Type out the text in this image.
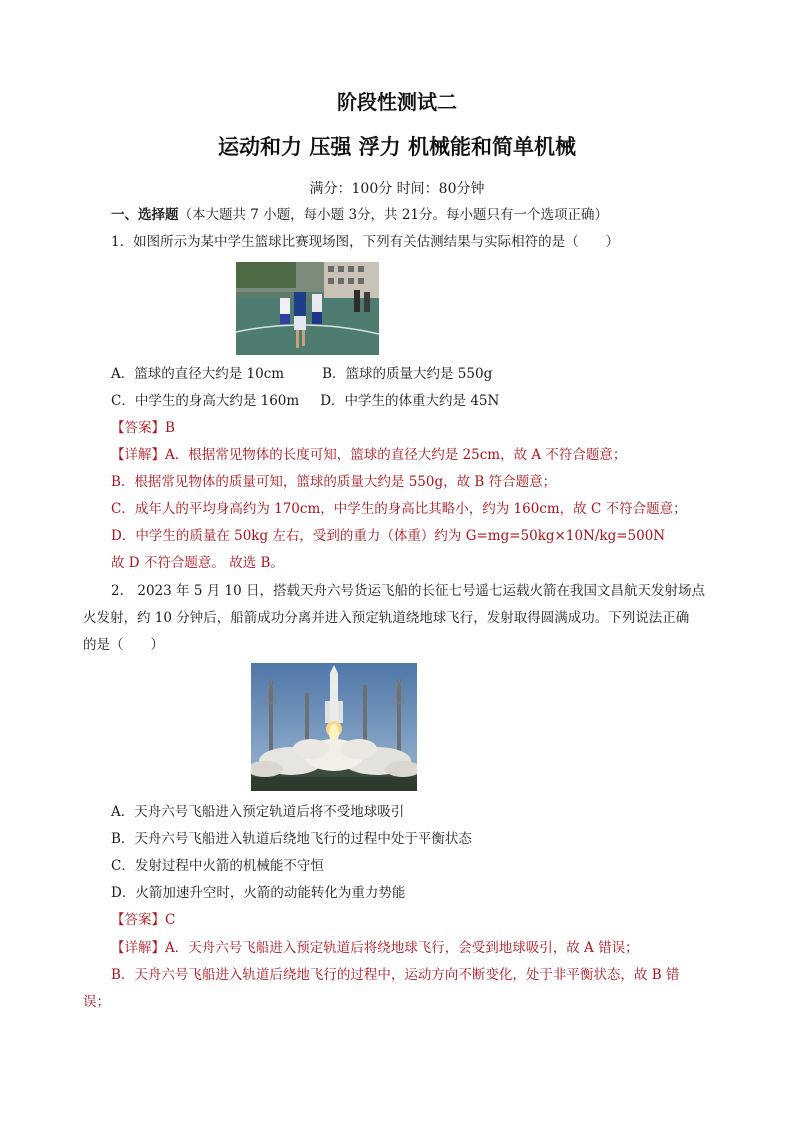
阶段性测试二
运动和力 压强 浮力 机械能和简单机械
满分：100分 时间：80分钟
一、选择题（本大题共 7 小题，每小题 3分，共 21分。每小题只有一个选项正确）
1．如图所示为某中学生篮球比赛现场图，下列有关估测结果与实际相符的是（　　）
A．篮球的直径大约是 10cm	B．篮球的质量大约是 550g
C．中学生的身高大约是 160m D．中学生的体重大约是 45N
【答案】B
【详解】A．根据常见物体的长度可知，篮球的直径大约是 25cm，故 A 不符合题意；
B．根据常见物体的质量可知，篮球的质量大约是 550g，故 B 符合题意；
C．成年人的平均身高约为 170cm，中学生的身高比其略小，约为 160cm，故 C 不符合题意；
D．中学生的质量在 50kg 左右，受到的重力（体重）约为 G=mg=50kg×10N/kg=500N
故 D 不符合题意。 故选 B。
2.　2023 年 5 月 10 日，搭载天舟六号货运飞船的长征七号遥七运载火箭在我国文昌航天发射场点
火发射，约 10 分钟后，船箭成功分离并进入预定轨道绕地球飞行，发射取得圆满成功。下列说法正确
的是（　　）
A．天舟六号飞船进入预定轨道后将不受地球吸引
B．天舟六号飞船进入轨道后绕地飞行的过程中处于平衡状态
C．发射过程中火箭的机械能不守恒
D．火箭加速升空时，火箭的动能转化为重力势能
【答案】C
【详解】A．天舟六号飞船进入预定轨道后将绕地球飞行，会受到地球吸引，故 A 错误；
B．天舟六号飞船进入轨道后绕地飞行的过程中，运动方向不断变化，处于非平衡状态，故 B 错
误；
